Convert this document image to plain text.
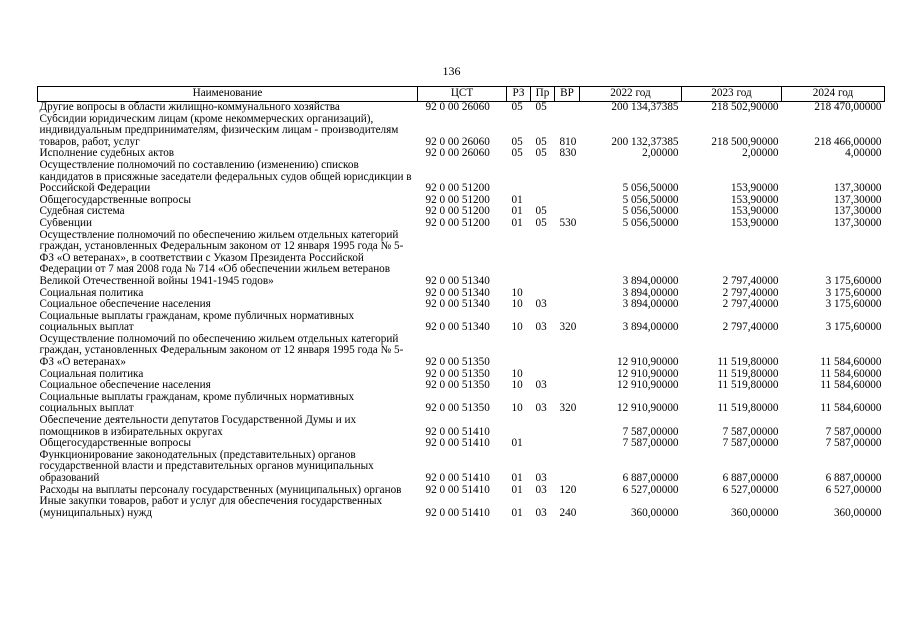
136
Наименование	ЦСТ	РЗ	Пр	ВР	2022 год	2023 год	2024 год
Другие вопросы в области жилищно-коммунального хозяйства	92 0 00 26060	05	05		200 134,37385	218 502,90000	218 470,00000
Субсидии юридическим лицам (кроме некоммерческих организаций), индивидуальным предпринимателям, физическим лицам - производителям товаров, работ, услуг	92 0 00 26060	05	05	810	200 132,37385	218 500,90000	218 466,00000
Исполнение судебных актов	92 0 00 26060	05	05	830	2,00000	2,00000	4,00000
Осуществление полномочий по составлению (изменению) списков кандидатов в присяжные заседатели федеральных судов общей юрисдикции в Российской Федерации	92 0 00 51200				5 056,50000	153,90000	137,30000
Общегосударственные вопросы	92 0 00 51200	01			5 056,50000	153,90000	137,30000
Судебная система	92 0 00 51200	01	05		5 056,50000	153,90000	137,30000
Субвенции	92 0 00 51200	01	05	530	5 056,50000	153,90000	137,30000
Осуществление полномочий по обеспечению жильем отдельных категорий граждан, установленных Федеральным законом от 12 января 1995 года № 5-ФЗ «О ветеранах», в соответствии с Указом Президента Российской Федерации от 7 мая 2008 года № 714 «Об обеспечении жильем ветеранов Великой Отечественной войны 1941-1945 годов»	92 0 00 51340				3 894,00000	2 797,40000	3 175,60000
Социальная политика	92 0 00 51340	10			3 894,00000	2 797,40000	3 175,60000
Социальное обеспечение населения	92 0 00 51340	10	03		3 894,00000	2 797,40000	3 175,60000
Социальные выплаты гражданам, кроме публичных нормативных социальных выплат	92 0 00 51340	10	03	320	3 894,00000	2 797,40000	3 175,60000
Осуществление полномочий по обеспечению жильем отдельных категорий граждан, установленных Федеральным законом от 12 января 1995 года № 5-ФЗ «О ветеранах»	92 0 00 51350				12 910,90000	11 519,80000	11 584,60000
Социальная политика	92 0 00 51350	10			12 910,90000	11 519,80000	11 584,60000
Социальное обеспечение населения	92 0 00 51350	10	03		12 910,90000	11 519,80000	11 584,60000
Социальные выплаты гражданам, кроме публичных нормативных социальных выплат	92 0 00 51350	10	03	320	12 910,90000	11 519,80000	11 584,60000
Обеспечение деятельности депутатов Государственной Думы и их помощников в избирательных округах	92 0 00 51410				7 587,00000	7 587,00000	7 587,00000
Общегосударственные вопросы	92 0 00 51410	01			7 587,00000	7 587,00000	7 587,00000
Функционирование законодательных (представительных) органов государственной власти и представительных органов муниципальных образований	92 0 00 51410	01	03		6 887,00000	6 887,00000	6 887,00000
Расходы на выплаты персоналу государственных (муниципальных) органов	92 0 00 51410	01	03	120	6 527,00000	6 527,00000	6 527,00000
Иные закупки товаров, работ и услуг для обеспечения государственных (муниципальных) нужд	92 0 00 51410	01	03	240	360,00000	360,00000	360,00000
